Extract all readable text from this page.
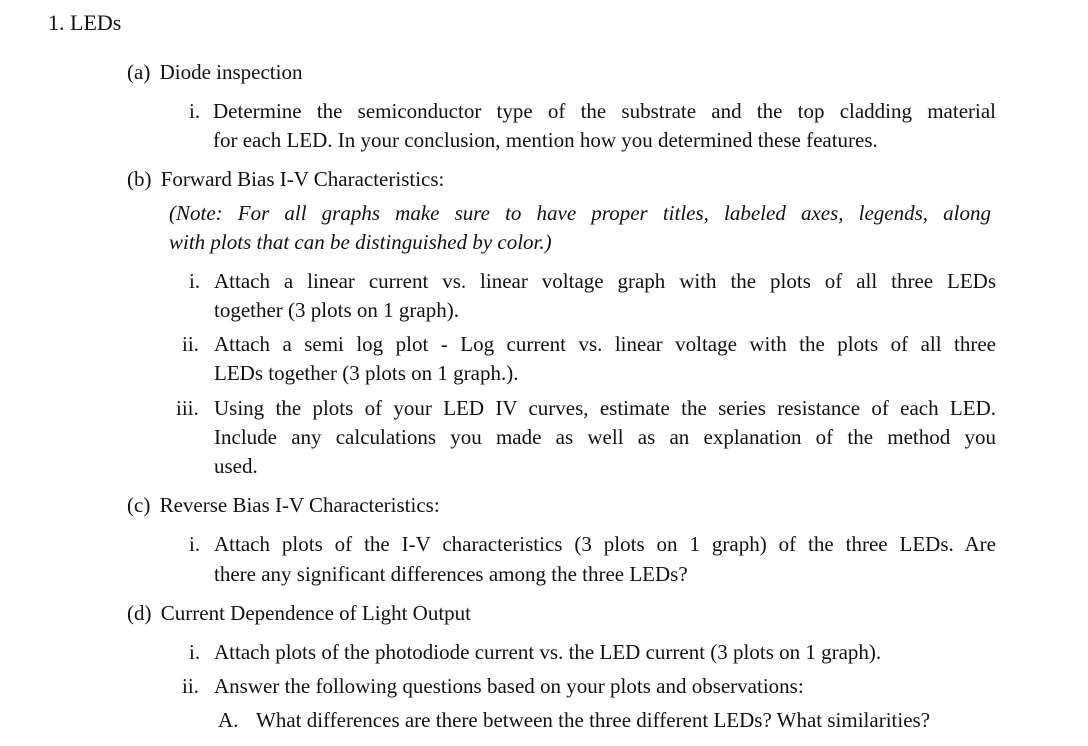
1. LEDs
(a) Diode inspection
i. Determine the semiconductor type of the substrate and the top cladding material
for each LED. In your conclusion, mention how you determined these features.
(b) Forward Bias I-V Characteristics:
(Note: For all graphs make sure to have proper titles, labeled axes, legends, along
with plots that can be distinguished by color.)
i. Attach a linear current vs. linear voltage graph with the plots of all three LEDs
together (3 plots on 1 graph).
ii. Attach a semi log plot - Log current vs. linear voltage with the plots of all three
LEDs together (3 plots on 1 graph.).
iii. Using the plots of your LED IV curves, estimate the series resistance of each LED.
Include any calculations you made as well as an explanation of the method you
used.
(c) Reverse Bias I-V Characteristics:
i. Attach plots of the I-V characteristics (3 plots on 1 graph) of the three LEDs. Are
there any significant differences among the three LEDs?
(d) Current Dependence of Light Output
i. Attach plots of the photodiode current vs. the LED current (3 plots on 1 graph).
ii. Answer the following questions based on your plots and observations:
A. What differences are there between the three different LEDs? What similarities?
